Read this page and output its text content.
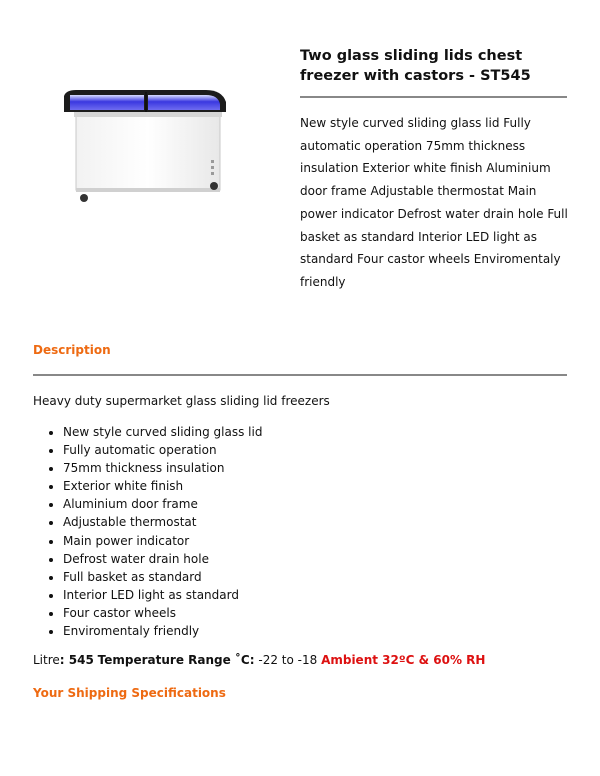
Two glass sliding lids chest freezer with castors - ST545

New style curved sliding glass lid Fully automatic operation 75mm thickness insulation Exterior white finish Aluminium door frame Adjustable thermostat Main power indicator Defrost water drain hole Full basket as standard Interior LED light as standard Four castor wheels Enviromentaly friendly

Description

Heavy duty supermarket glass sliding lid freezers

• New style curved sliding glass lid
• Fully automatic operation
• 75mm thickness insulation
• Exterior white finish
• Aluminium door frame
• Adjustable thermostat
• Main power indicator
• Defrost water drain hole
• Full basket as standard
• Interior LED light as standard
• Four castor wheels
• Enviromentaly friendly

Litre: 545 Temperature Range ˚C: -22 to -18 Ambient 32ºC & 60% RH

Your Shipping Specifications
